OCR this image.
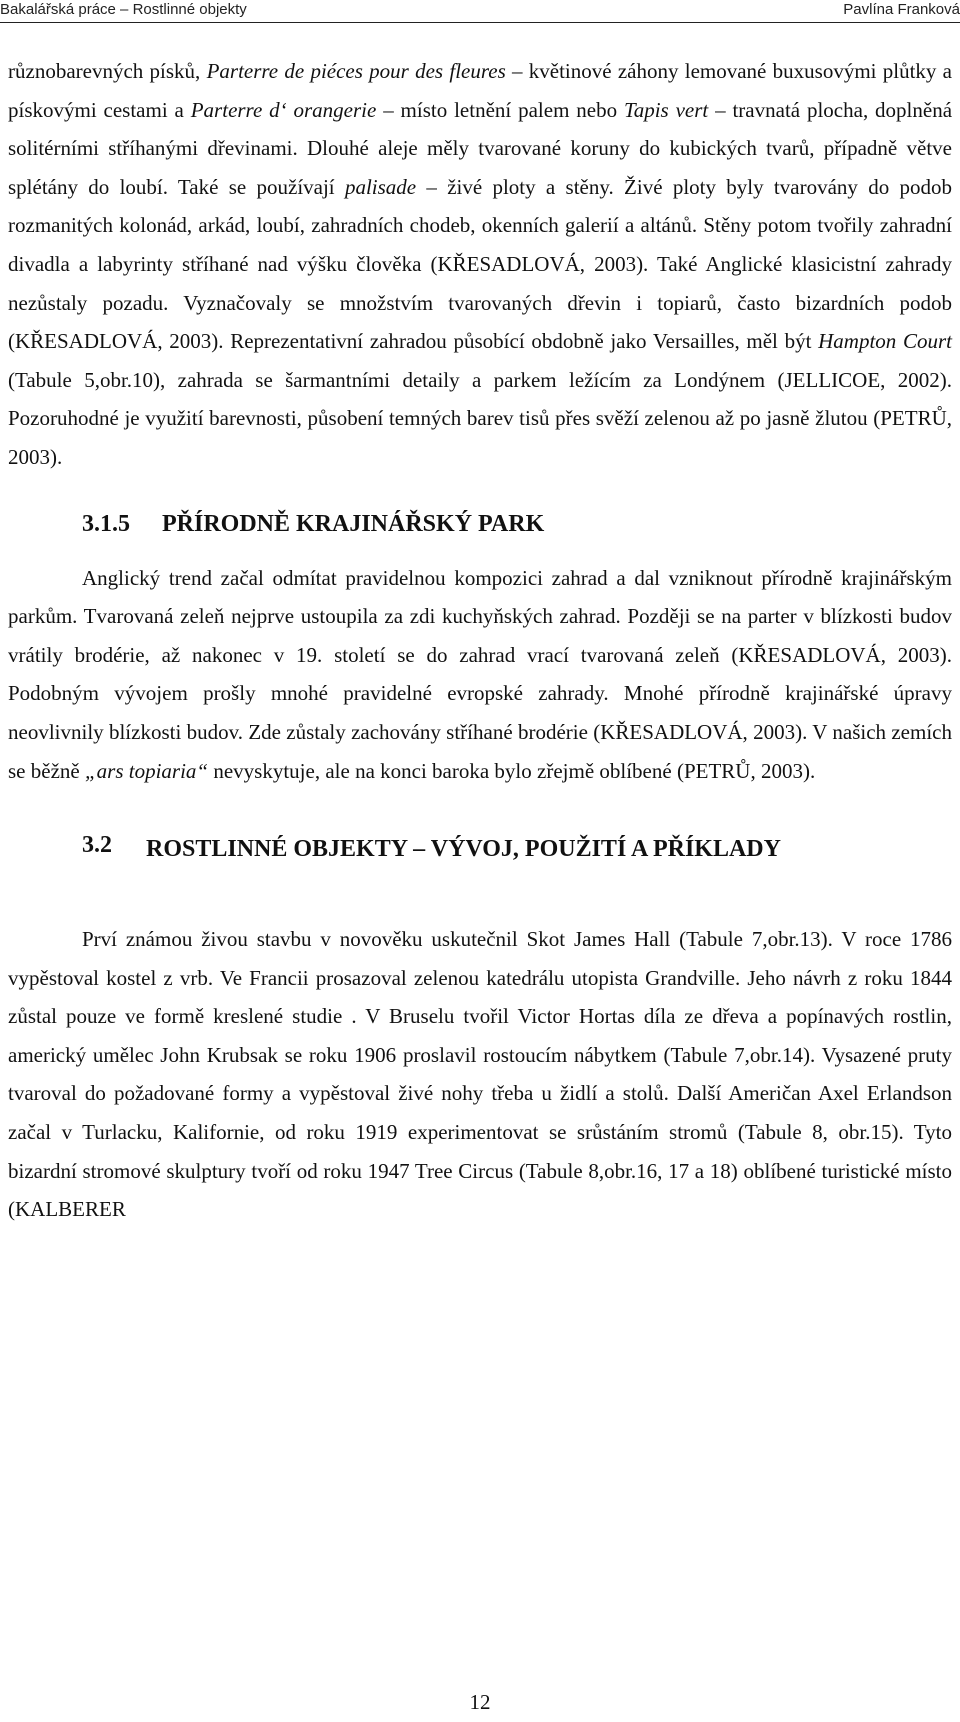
Bakalářská práce – Rostlinné objekty	Pavlína Franková

různobarevných písků, Parterre de piéces pour des fleures – květinové záhony lemované buxusovými plůtky a pískovými cestami a Parterre d‘ orangerie – místo letnění palem nebo Tapis vert – travnatá plocha, doplněná solitérními stříhanými dřevinami. Dlouhé aleje měly tvarované koruny do kubických tvarů, případně větve splétány do loubí. Také se používají palisade – živé ploty a stěny. Živé ploty byly tvarovány do podob rozmanitých kolonád, arkád, loubí, zahradních chodeb, okenních galerií a altánů. Stěny potom tvořily zahradní divadla a labyrinty stříhané nad výšku člověka (KŘESADLOVÁ, 2003). Také Anglické klasicistní zahrady nezůstaly pozadu. Vyznačovaly se množstvím tvarovaných dřevin i topiarů, často bizardních podob (KŘESADLOVÁ, 2003). Reprezentativní zahradou působící obdobně jako Versailles, měl být Hampton Court (Tabule 5,obr.10), zahrada se šarmantními detaily a parkem ležícím za Londýnem (JELLICOE, 2002). Pozoruhodné je využití barevnosti, působení temných barev tisů přes svěží zelenou až po jasně žlutou (PETRŮ, 2003).

3.1.5 PŘÍRODNĚ KRAJINÁŘSKÝ PARK

Anglický trend začal odmítat pravidelnou kompozici zahrad a dal vzniknout přírodně krajinářským parkům. Tvarovaná zeleň nejprve ustoupila za zdi kuchyňských zahrad. Později se na parter v blízkosti budov vrátily brodérie, až nakonec v 19. století se do zahrad vrací tvarovaná zeleň (KŘESADLOVÁ, 2003). Podobným vývojem prošly mnohé pravidelné evropské zahrady. Mnohé přírodně krajinářské úpravy neovlivnily blízkosti budov. Zde zůstaly zachovány stříhané brodérie (KŘESADLOVÁ, 2003). V našich zemích se běžně „ars topiaria“ nevyskytuje, ale na konci baroka bylo zřejmě oblíbené (PETRŮ, 2003).

3.2 ROSTLINNÉ OBJEKTY – VÝVOJ, POUŽITÍ A PŘÍKLADY

Prví známou živou stavbu v novověku uskutečnil Skot James Hall (Tabule 7,obr.13). V roce 1786 vypěstoval kostel z vrb. Ve Francii prosazoval zelenou katedrálu utopista Grandville. Jeho návrh z roku 1844 zůstal pouze ve formě kreslené studie . V Bruselu tvořil Victor Hortas díla ze dřeva a popínavých rostlin, americký umělec John Krubsak se roku 1906 proslavil rostoucím nábytkem (Tabule 7,obr.14). Vysazené pruty tvaroval do požadované formy a vypěstoval živé nohy třeba u židlí a stolů. Další Američan Axel Erlandson začal v Turlacku, Kalifornie, od roku 1919 experimentovat se srůstáním stromů (Tabule 8, obr.15). Tyto bizardní stromové skulptury tvoří od roku 1947 Tree Circus (Tabule 8,obr.16, 17 a 18) oblíbené turistické místo (KALBERER

12
